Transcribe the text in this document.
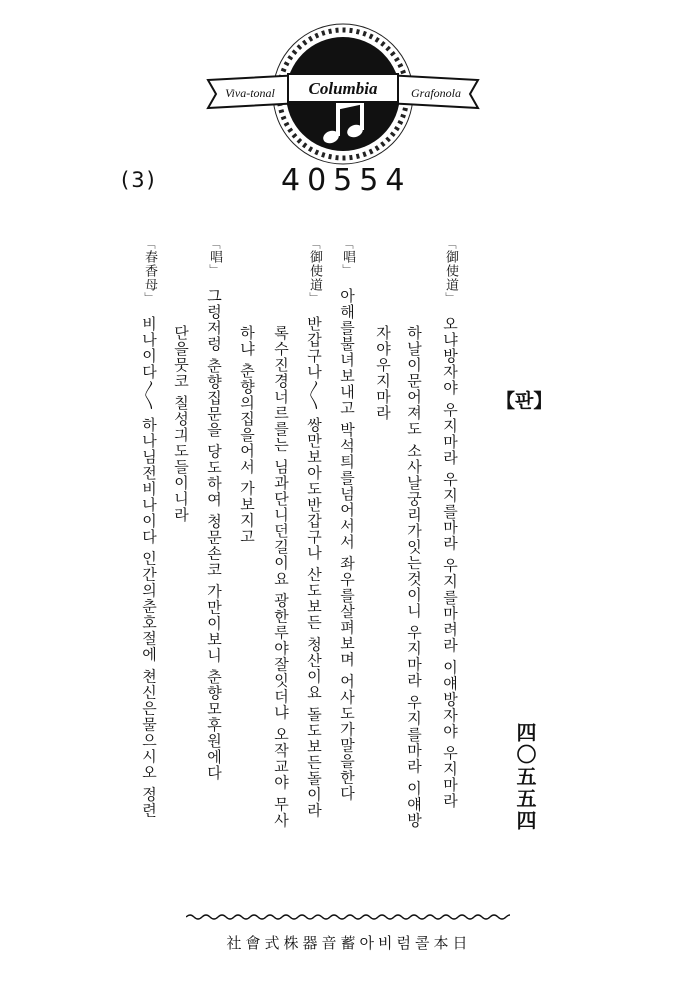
Columbia
Viva-tonal	Grafonola
(3)	40554
【판】
四〇五五四
「御使道」오냐방자야 우지마라 우지를마라 우지를마려라 이얘방자야 우지마라
하날이문어져도 소사날궁리가잇는것이니 우지마라 우지를마라 이얘방
자야우지마라
「唱」아해를불녀보내고 박석틔를넘어서서 좌우를살펴보며 어사도가말을한다
「御使道」반갑구나〱 쌍만보아도반갑구나 산도보든 청산이요 돌도보든돌이라
록수진경너르를는 님과단니던길이요 광한루야잘잇더냐 오작교야 무사
하냐 춘향의집을어서 가보지고
「唱」그렁저렁 춘향집문을 당도하여 청문손코 가만이보니 춘향모후원에다
단을뭇코 칠성긔도들이니라
「春香母」비나이다〱 하나님전비나이다 인간의춘호절에 쳔신은물으시오 정련
社會式株器音蓄아비럼콜本日
